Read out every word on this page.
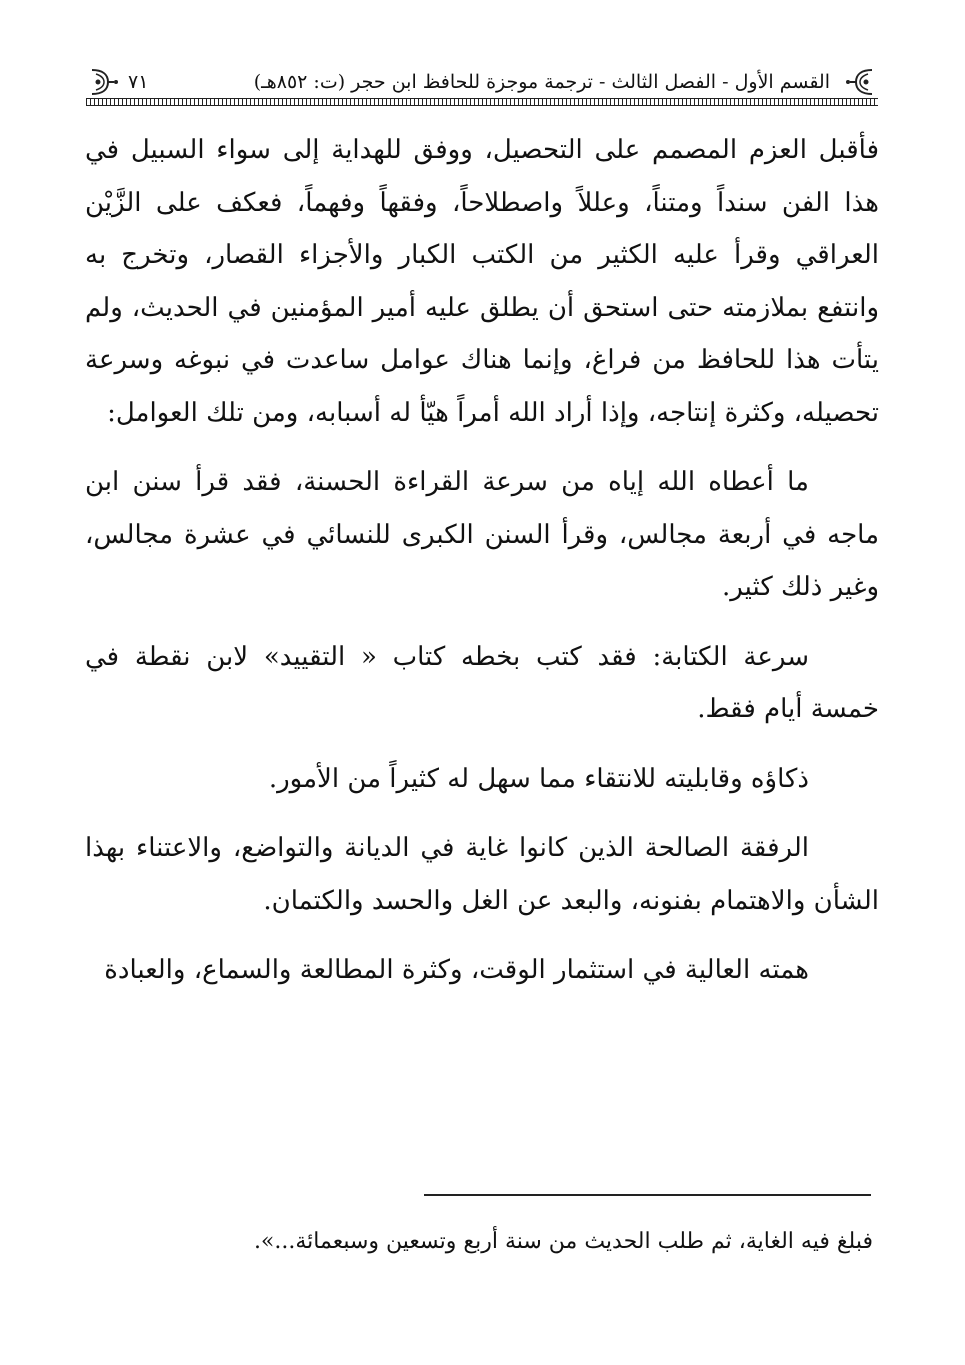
القسم الأول - الفصل الثالث - ترجمة موجزة للحافظ ابن حجر (ت: ٨٥٢هـ)
٧١

فأقبل العزم المصمم على التحصيل، ووفق للهداية إلى سواء السبيل في هذا الفن سنداً ومتناً، وعللاً واصطلاحاً، وفقهاً وفهماً، فعكف على الزَّيْن العراقي وقرأ عليه الكثير من الكتب الكبار والأجزاء القصار، وتخرج به وانتفع بملازمته حتى استحق أن يطلق عليه أمير المؤمنين في الحديث، ولم يتأت هذا للحافظ من فراغ، وإنما هناك عوامل ساعدت في نبوغه وسرعة تحصيله، وكثرة إنتاجه، وإذا أراد الله أمراً هيّأ له أسبابه، ومن تلك العوامل:

ما أعطاه الله إياه من سرعة القراءة الحسنة، فقد قرأ سنن ابن ماجه في أربعة مجالس، وقرأ السنن الكبرى للنسائي في عشرة مجالس، وغير ذلك كثير.

سرعة الكتابة: فقد كتب بخطه كتاب « التقييد» لابن نقطة في خمسة أيام فقط.

ذكاؤه وقابليته للانتقاء مما سهل له كثيراً من الأمور.

الرفقة الصالحة الذين كانوا غاية في الديانة والتواضع، والاعتناء بهذا الشأن والاهتمام بفنونه، والبعد عن الغل والحسد والكتمان.

همته العالية في استثمار الوقت، وكثرة المطالعة والسماع، والعبادة

فبلغ فيه الغاية، ثم طلب الحديث من سنة أربع وتسعين وسبعمائة...».
